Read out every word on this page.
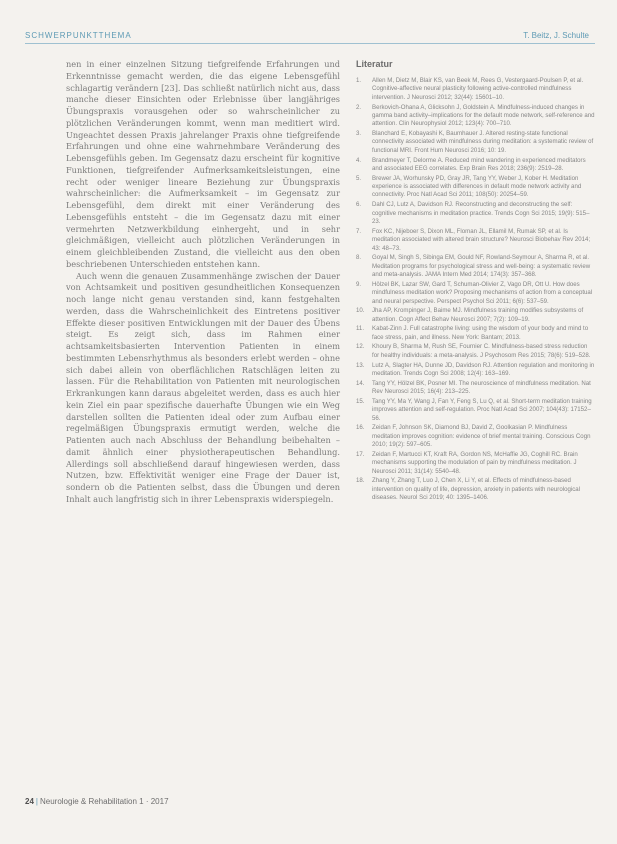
SCHWERPUNKTTHEMA	T. Beitz, J. Schulte

nen in einer einzelnen Sitzung tiefgreifende Erfahrungen und Erkenntnisse gemacht werden, die das eigene Lebensgefühl schlagartig verändern [23]. Das schließt natürlich nicht aus, dass manche dieser Einsichten oder Erlebnisse über langjähriges Übungspraxis vorausgehen oder so wahrscheinlicher zu plötzlichen Veränderungen kommt, wenn man meditiert wird. Ungeachtet dessen Praxis jahrelanger Praxis ohne tiefgreifende Erfahrungen und ohne eine wahrnehmbare Veränderung des Lebensgefühls geben. Im Gegensatz dazu erscheint für kognitive Funktionen, tiefgreifender Aufmerksamkeitsleistungen, eine recht oder weniger lineare Beziehung zur Übungspraxis wahrscheinlicher: die Aufmerksamkeit – im Gegensatz zur Lebensgefühl, dem direkt mit einer Veränderung des Lebensgefühls entsteht – die im Gegensatz dazu mit einer vermehrten Netzwerkbildung einhergeht, und in sehr gleichmäßigen, vielleicht auch plötzlichen Veränderungen in einem gleichbleibenden Zustand, die vielleicht aus den oben beschriebenen Unterschieden entstehen kann.

Auch wenn die genauen Zusammenhänge zwischen der Dauer von Achtsamkeit und positiven gesundheitlichen Konsequenzen noch lange nicht genau verstanden sind, kann festgehalten werden, dass die Wahrscheinlichkeit des Eintretens positiver Effekte dieser positiven Entwicklungen mit der Dauer des Übens steigt. Es zeigt sich, dass im Rahmen einer achtsamkeitsbasierten Intervention Patienten in einem bestimmten Lebensrhythmus als besonders erlebt werden – ohne sich dabei allein von oberflächlichen Ratschlägen leiten zu lassen. Für die Rehabilitation von Patienten mit neurologischen Erkrankungen kann daraus abgeleitet werden, dass es auch hier kein Ziel ein paar spezifische dauerhafte Übungen wie ein Weg darstellen sollten die Patienten ideal oder zum Aufbau einer regelmäßigen Übungspraxis ermutigt werden, welche die Patienten auch nach Abschluss der Behandlung beibehalten – damit ähnlich einer physiotherapeutischen Behandlung. Allerdings soll abschließend darauf hingewiesen werden, dass Nutzen, bzw. Effektivität weniger eine Frage der Dauer ist, sondern ob die Patienten selbst, dass die Übungen und deren Inhalt auch langfristig sich in ihrer Lebenspraxis widerspiegeln.

Literatur
1.	Allen M, Dietz M, Blair KS, van Beek M, Rees G, Vestergaard-Poulsen P, et al. Cognitive-affective neural plasticity following active-controlled mindfulness intervention. J Neurosci 2012; 32(44): 15601–10.
2.	Berkovich-Ohana A, Glicksohn J, Goldstein A. Mindfulness-induced changes in gamma band activity–implications for the default mode network, self-reference and attention. Clin Neurophysiol 2012; 123(4): 700–710.
3.	Blanchard E, Kobayashi K, Baumhauer J. Altered resting-state functional connectivity associated with mindfulness during meditation: a systematic review of functional MRI. Front Hum Neurosci 2016; 10: 19.
4.	Brandmeyer T, Delorme A. Reduced mind wandering in experienced meditators and associated EEG correlates. Exp Brain Res 2018; 236(9): 2519–28.
5.	Brewer JA, Worhunsky PD, Gray JR, Tang YY, Weber J, Kober H. Meditation experience is associated with differences in default mode network activity and connectivity. Proc Natl Acad Sci 2011; 108(50): 20254–59.
6.	Dahl CJ, Lutz A, Davidson RJ. Reconstructing and deconstructing the self: cognitive mechanisms in meditation practice. Trends Cogn Sci 2015; 19(9): 515–23.
7.	Fox KC, Nijeboer S, Dixon ML, Floman JL, Ellamil M, Rumak SP, et al. Is meditation associated with altered brain structure? Neurosci Biobehav Rev 2014; 43: 48–73.
8.	Goyal M, Singh S, Sibinga EM, Gould NF, Rowland-Seymour A, Sharma R, et al. Meditation programs for psychological stress and well-being: a systematic review and meta-analysis. JAMA Intern Med 2014; 174(3): 357–368.
9.	Hölzel BK, Lazar SW, Gard T, Schuman-Olivier Z, Vago DR, Ott U. How does mindfulness meditation work? Proposing mechanisms of action from a conceptual and neural perspective. Perspect Psychol Sci 2011; 6(6): 537–59.
10.	Jha AP, Krompinger J, Baime MJ. Mindfulness training modifies subsystems of attention. Cogn Affect Behav Neurosci 2007; 7(2): 109–19.
11.	Kabat-Zinn J. Full catastrophe living: using the wisdom of your body and mind to face stress, pain, and illness. New York: Bantam; 2013.
12.	Khoury B, Sharma M, Rush SE, Fournier C. Mindfulness-based stress reduction for healthy individuals: a meta-analysis. J Psychosom Res 2015; 78(6): 519–528.
13.	Lutz A, Slagter HA, Dunne JD, Davidson RJ. Attention regulation and monitoring in meditation. Trends Cogn Sci 2008; 12(4): 163–169.
14.	Tang YY, Hölzel BK, Posner MI. The neuroscience of mindfulness meditation. Nat Rev Neurosci 2015; 16(4): 213–225.
15.	Tang YY, Ma Y, Wang J, Fan Y, Feng S, Lu Q, et al. Short-term meditation training improves attention and self-regulation. Proc Natl Acad Sci 2007; 104(43): 17152–56.
16.	Zeidan F, Johnson SK, Diamond BJ, David Z, Goolkasian P. Mindfulness meditation improves cognition: evidence of brief mental training. Conscious Cogn 2010; 19(2): 597–605.
17.	Zeidan F, Martucci KT, Kraft RA, Gordon NS, McHaffie JG, Coghill RC. Brain mechanisms supporting the modulation of pain by mindfulness meditation. J Neurosci 2011; 31(14): 5540–48.
18.	Zhang Y, Zhang T, Luo J, Chen X, Li Y, et al. Effects of mindfulness-based intervention on quality of life, depression, anxiety in patients with neurological diseases. Neurol Sci 2019; 40: 1395–1406.
24 | Neurologie & Rehabilitation 1 · 2017
